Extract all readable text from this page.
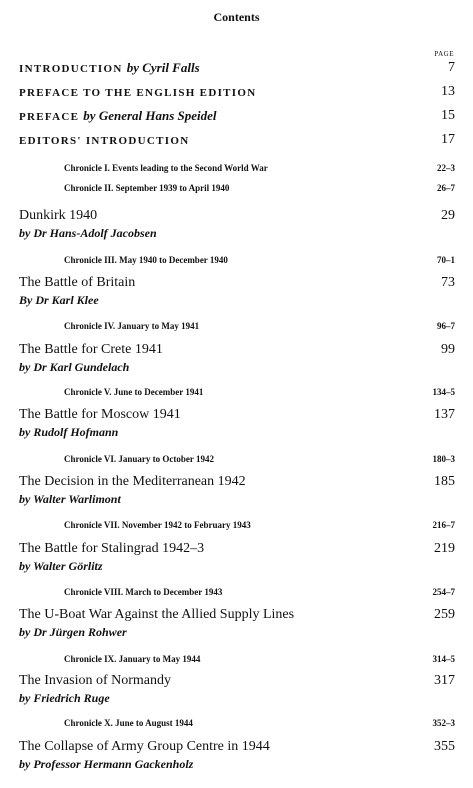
Contents
PAGE
INTRODUCTION by Cyril Falls	7
PREFACE TO THE ENGLISH EDITION	13
PREFACE by General Hans Speidel	15
EDITORS' INTRODUCTION	17
Chronicle I. Events leading to the Second World War	22–3
Chronicle II. September 1939 to April 1940	26–7
Dunkirk 1940	29
by Dr Hans-Adolf Jacobsen
Chronicle III. May 1940 to December 1940	70–1
The Battle of Britain	73
By Dr Karl Klee
Chronicle IV. January to May 1941	96–7
The Battle for Crete 1941	99
by Dr Karl Gundelach
Chronicle V. June to December 1941	134–5
The Battle for Moscow 1941	137
by Rudolf Hofmann
Chronicle VI. January to October 1942	180–3
The Decision in the Mediterranean 1942	185
by Walter Warlimont
Chronicle VII. November 1942 to February 1943	216–7
The Battle for Stalingrad 1942–3	219
by Walter Görlitz
Chronicle VIII. March to December 1943	254–7
The U-Boat War Against the Allied Supply Lines	259
by Dr Jürgen Rohwer
Chronicle IX. January to May 1944	314–5
The Invasion of Normandy	317
by Friedrich Ruge
Chronicle X. June to August 1944	352–3
The Collapse of Army Group Centre in 1944	355
by Professor Hermann Gackenholz
